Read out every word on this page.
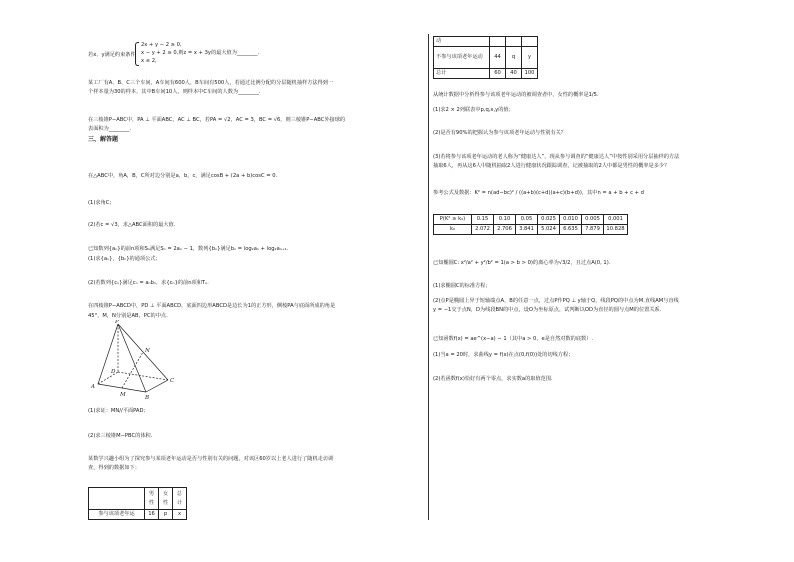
若x、y满足约束条件
2x + y − 2 ≥ 0,
x − y + 2 ≥ 0,则z = x + 3y的最大值为________.
x ≤ 2,
某工厂有A、B、C三个车间，A车间有600人，B车间有500人，若通过比例分配的分层随机抽样方法得到一
个样本量为30的样本，其中B车间10人，则样本中C车间的人数为________.
在三棱锥P−ABC中，PA ⊥ 平面ABC，AC ⊥ BC，若PA = √2，AC = 3，BC = √6，则三棱锥P−ABC外接球的
表面积为________.
三、解答题
在△ABC中，角A，B，C所对边分别是a，b，c，满足cosB + (2a + b)cosC = 0.
(1)求角C；
(2)若c = √3，求△ABC面积的最大值.
已知数列{aₙ}的前n项和Sₙ满足Sₙ = 2aₙ − 1，数列{bₙ}满足bₙ = log₂aₙ + log₂aₙ₊₁.
(1)求{aₙ}，{bₙ}的通项公式；
(2)若数列{cₙ}满足cₙ = aₙbₙ，求{cₙ}的前n项和Tₙ.
在四棱锥P−ABCD中，PD ⊥ 平面ABCD，底面四边形ABCD是边长为1的正方形，侧棱PA与底面所成的角是
45°，M，N分别是AB，PC的中点.
P
N
D
C
A
M	B
(1)求证：MN//平面PAD；
(2)求三棱锥M−PBC的体积.
某数学兴趣小组为了探究参与某项老年运动是否与性别有关的问题，对该区60岁以上老人进行了随机走访调
查，得到的数据如下：
	男性	女性	总计
参与该项老年运	16	p	x
动			
不参与该项老年运动	44	q	y
总计	60	40	100
从统计数据中分析得参与该项老年运动的被调查者中，女性的概率是1/5.
(1)求2 × 2列联表中p,q,x,y的值；
(2)是否有90%的把握认为参与该项老年运动与性别有关？
(3)若将参与该项老年运动的老人称为“健康达人”，现从参与调查的“健康达人”中按性别采用分层抽样的方法
抽取6人，再从这6人中随机抽取2人进行健康状况跟踪调查，记被抽取的2人中都是男性的概率是多少？
参考公式及数据：K² = n(ad−bc)² / ((a+b)(c+d)(a+c)(b+d))，其中n = a + b + c + d
P(K² ≥ k₀)	0.15	0.10	0.05	0.025	0.010	0.005	0.001
k₀	2.072	2.706	3.841	5.024	6.635	7.879	10.828
已知椭圆C: x²/a² + y²/b² = 1(a > b > 0)的离心率为√3/2，且过点A(0, 1).
(1)求椭圆C的标准方程；
(2)点P是椭圆上异于短轴端点A，B的任意一点，过点P作PQ ⊥ y轴于Q，线段PQ的中点为M.直线AM与直线
y = −1交于点N，D为线段BN的中点，设O为坐标原点，试判断以OD为直径的圆与点M的位置关系.
已知函数f(x) = ae^(x−a) − 1（其中a > 0，e是自然对数的底数）.
(1)当a = 20时，求曲线y = f(x)在点(0,f(0))处的切线方程；
(2)若函数f(x)恰好有两个零点，求实数a的取值范围.
